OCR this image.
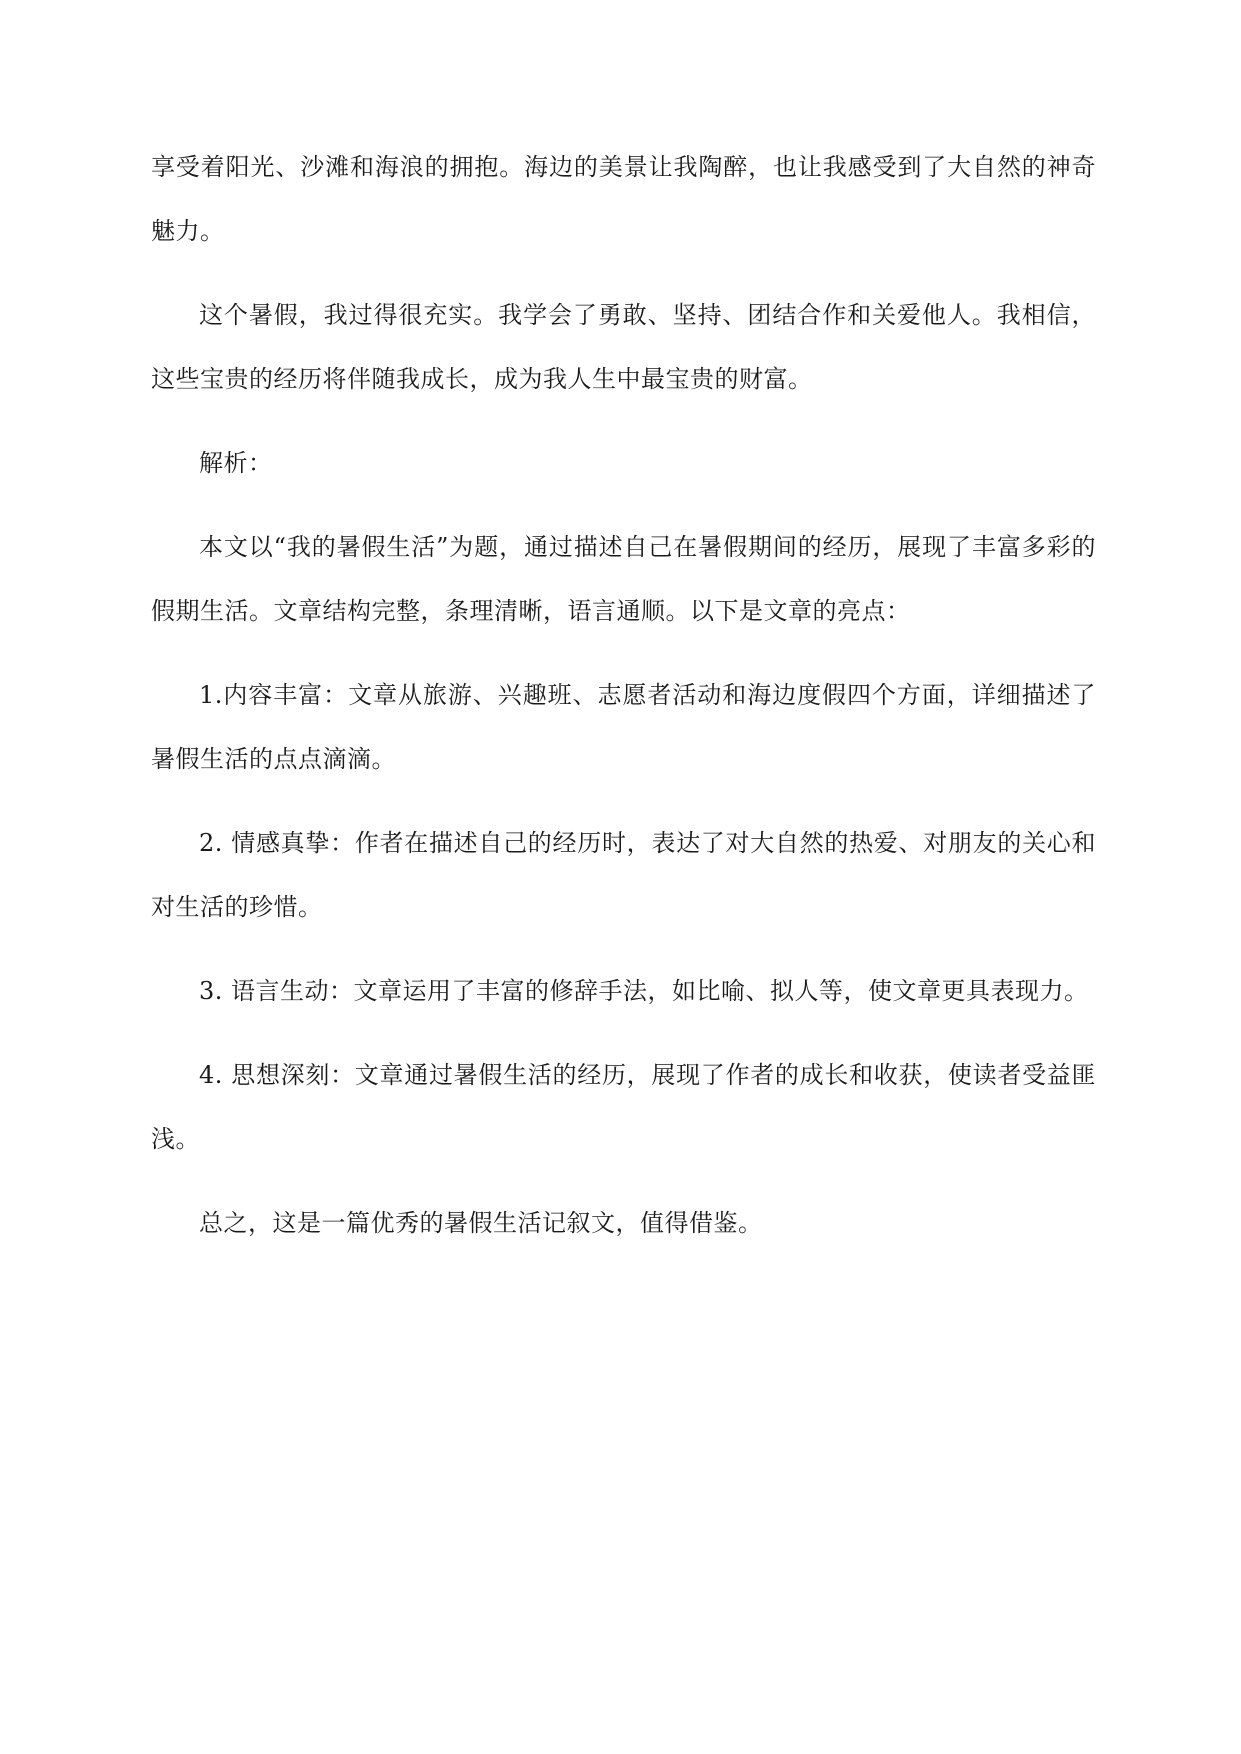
享受着阳光、沙滩和海浪的拥抱。海边的美景让我陶醉，也让我感受到了大自然的神奇魅力。

这个暑假，我过得很充实。我学会了勇敢、坚持、团结合作和关爱他人。我相信，这些宝贵的经历将伴随我成长，成为我人生中最宝贵的财富。

解析：

本文以“我的暑假生活”为题，通过描述自己在暑假期间的经历，展现了丰富多彩的假期生活。文章结构完整，条理清晰，语言通顺。以下是文章的亮点：

1.内容丰富：文章从旅游、兴趣班、志愿者活动和海边度假四个方面，详细描述了暑假生活的点点滴滴。

2. 情感真挚：作者在描述自己的经历时，表达了对大自然的热爱、对朋友的关心和对生活的珍惜。

3. 语言生动：文章运用了丰富的修辞手法，如比喻、拟人等，使文章更具表现力。

4. 思想深刻：文章通过暑假生活的经历，展现了作者的成长和收获，使读者受益匪浅。

总之，这是一篇优秀的暑假生活记叙文，值得借鉴。
